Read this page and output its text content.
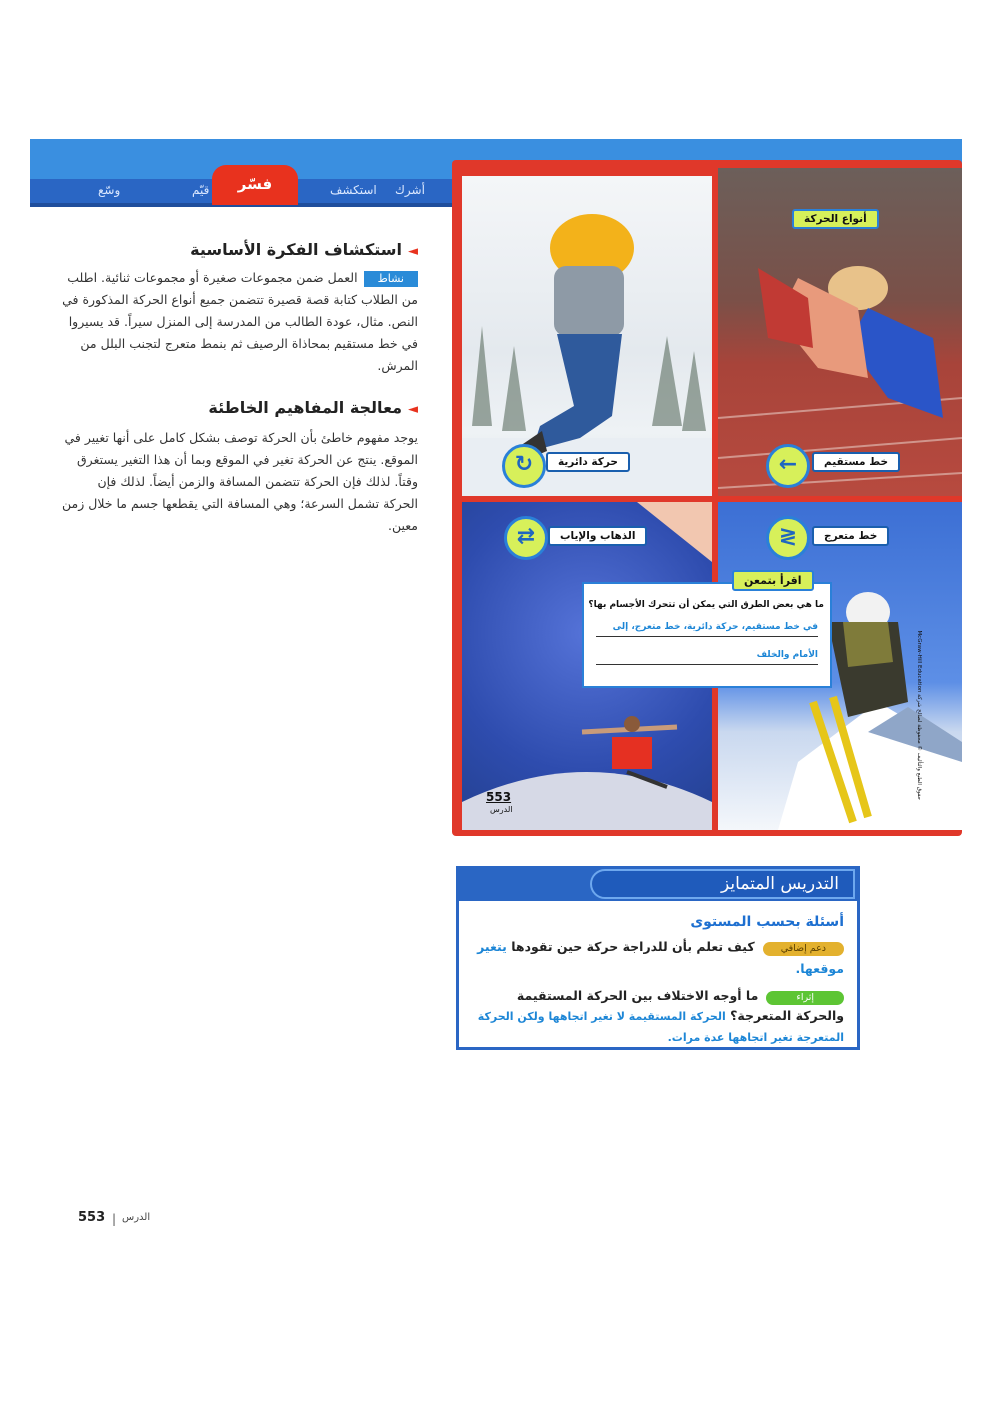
أشرك
استكشف
قيّم
وسّع	فسّر
◄استكشاف الفكرة الأساسية
نشاطالعمل ضمن مجموعات صغيرة أو مجموعات ثنائية. اطلب من الطلاب كتابة قصة قصيرة تتضمن جميع أنواع الحركة المذكورة في النص. مثال، عودة الطالب من المدرسة إلى المنزل سيراً. قد يسيروا في خط مستقيم بمحاذاة الرصيف ثم بنمط متعرج لتجنب البلل من المرش.
◄معالجة المفاهيم الخاطئة
يوجد مفهوم خاطئ بأن الحركة توصف بشكل كامل على أنها تغيير في الموقع. ينتج عن الحركة تغير في الموقع وبما أن هذا التغير يستغرق وقتاً. لذلك فإن الحركة تتضمن المسافة والزمن أيضاً. لذلك فإن الحركة تشمل السرعة؛ وهي المسافة التي يقطعها جسم ما خلال زمن معين.
أنواع الحركة
←	خط مستقيم
↻	حركة دائرية
≷	خط متعرج
⇄	الذهاب والإياب
ما هي بعض الطرق التي يمكن أن تتحرك الأجسام بها؟
في خط مستقيم، حركة دائرية، خط متعرج، إلى
الأمام والخلف
اقرأ بتمعن
553
الدرس
حقوق الطبع والتأليف © محفوظة لصالح شركة McGraw-Hill Education
التدريس المتمايز
أسئلة بحسب المستوى
دعم إضافيكيف تعلم بأن للدراجة حركة حين تقودها يتغير موقعها.
إثراءما أوجه الاختلاف بين الحركة المستقيمة والحركة المتعرجة؟ الحركة المستقيمة لا تغير اتجاهها ولكن الحركة المتعرجة تغير اتجاهها عدة مرات.
553 | الدرس
